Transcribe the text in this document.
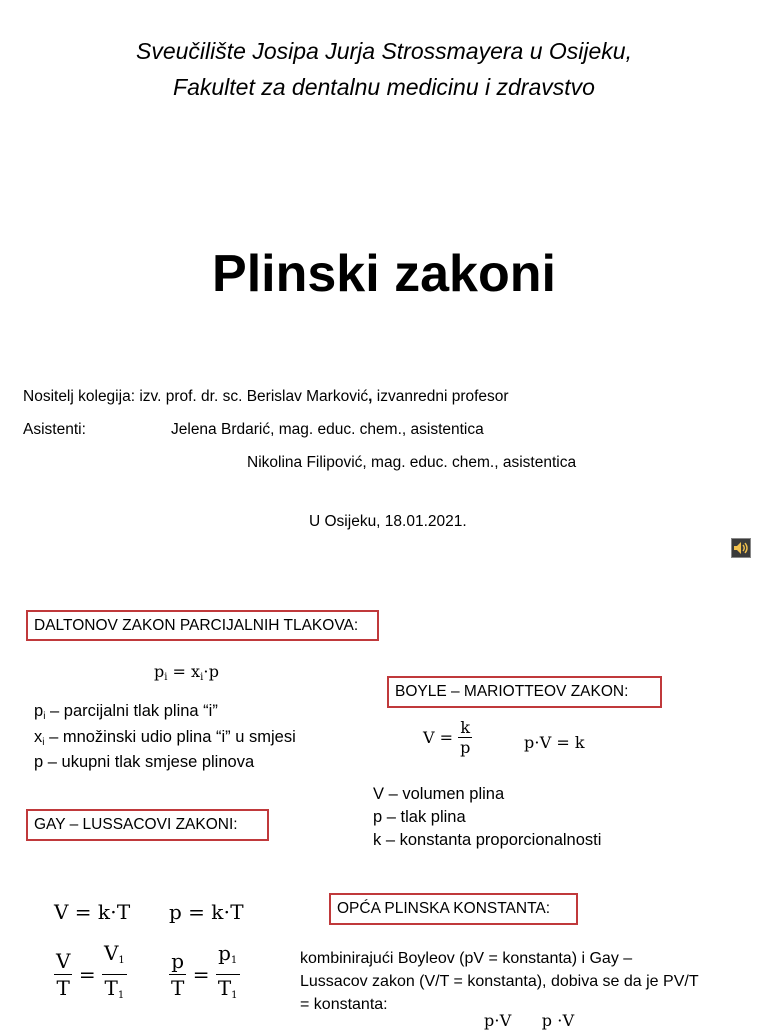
Sveučilište Josipa Jurja Strossmayera u Osijeku,
Fakultet za dentalnu medicinu i zdravstvo
Plinski zakoni
Nositelj kolegija: izv. prof. dr. sc. Berislav Marković, izvanredni profesor
Asistenti:	Jelena Brdarić, mag. educ. chem., asistentica
Nikolina Filipović, mag. educ. chem., asistentica
U Osijeku, 18.01.2021.
DALTONOV ZAKON PARCIJALNIH TLAKOVA:
$p_i = x_i\cdot p$
$p_i$ – parcijalni tlak plina “i”
$x_i$ – množinski udio plina “i” u smjesi
p – ukupni tlak smjese plinova
BOYLE – MARIOTTEOV ZAKON:
$V = \frac{k}{p}$	p⋅V = k
V – volumen plina
p – tlak plina
k – konstanta proporcionalnosti
GAY – LUSSACOVI ZAKONI:
V = k⋅T p = k⋅T
$\frac{V}{T} = \frac{V_1}{T_1} \frac{p}{T} = \frac{p_1}{T_1}$
OPĆA PLINSKA KONSTANTA:
kombinirajući Boyleov (pV = konstanta) i Gay – Lussacov zakon (V/T = konstanta), dobiva se da je PV/T = konstanta:
p⋅V      p ⋅V
